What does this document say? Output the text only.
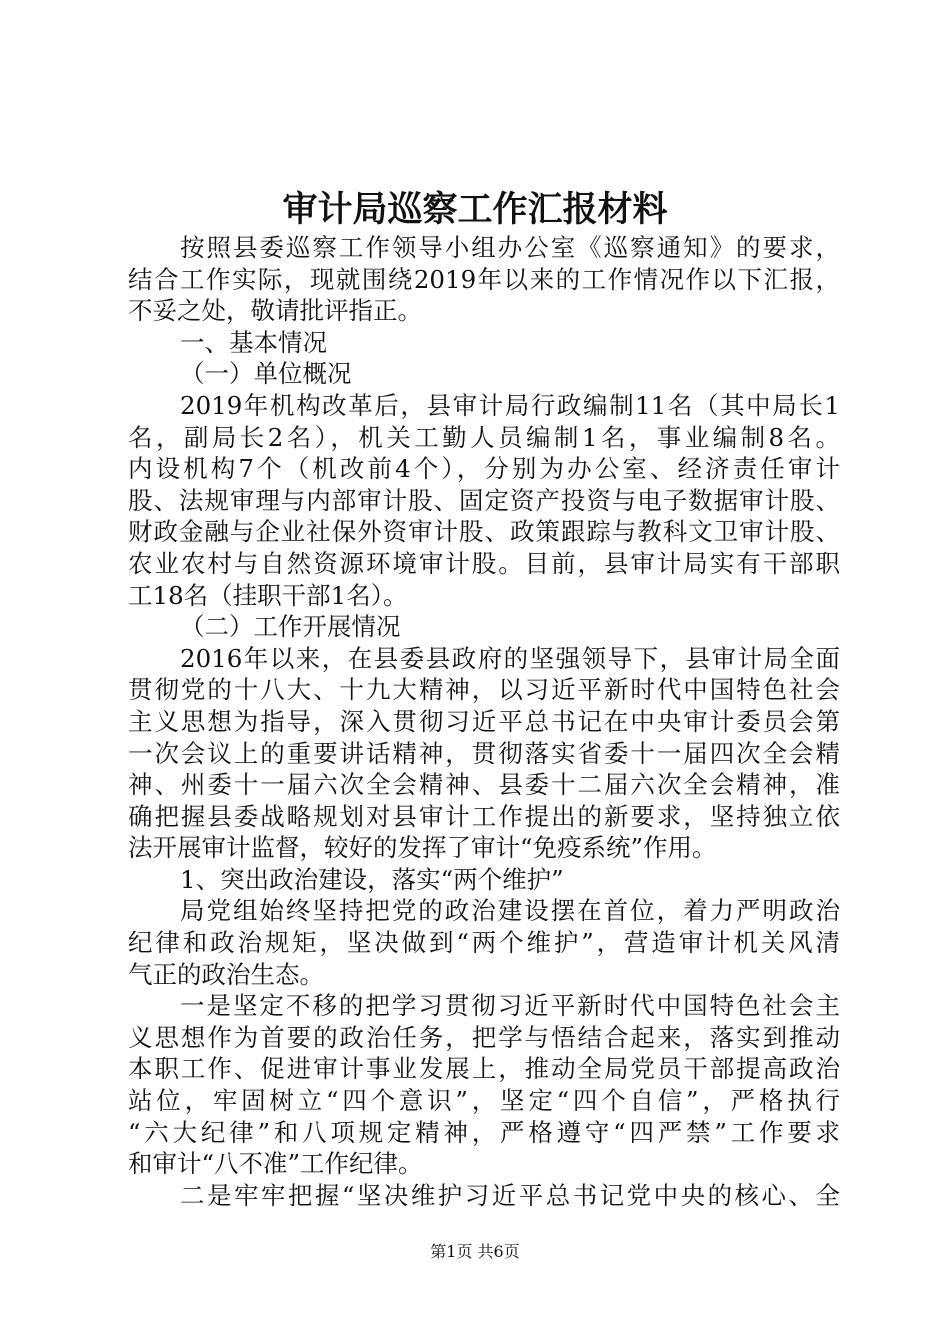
审计局巡察工作汇报材料
按照县委巡察工作领导小组办公室《巡察通知》的要求，
结合工作实际，现就围绕2019年以来的工作情况作以下汇报，
不妥之处，敬请批评指正。
一、基本情况
（一）单位概况
2019年机构改革后，县审计局行政编制11名（其中局长1
名，副局长2名），机关工勤人员编制1名，事业编制8名。
内设机构7个（机改前4个），分别为办公室、经济责任审计
股、法规审理与内部审计股、固定资产投资与电子数据审计股、
财政金融与企业社保外资审计股、政策跟踪与教科文卫审计股、
农业农村与自然资源环境审计股。目前，县审计局实有干部职
工18名（挂职干部1名）。
（二）工作开展情况
2016年以来，在县委县政府的坚强领导下，县审计局全面
贯彻党的十八大、十九大精神，以习近平新时代中国特色社会
主义思想为指导，深入贯彻习近平总书记在中央审计委员会第
一次会议上的重要讲话精神，贯彻落实省委十一届四次全会精
神、州委十一届六次全会精神、县委十二届六次全会精神，准
确把握县委战略规划对县审计工作提出的新要求，坚持独立依
法开展审计监督，较好的发挥了审计“免疫系统”作用。
1、突出政治建设，落实“两个维护”
局党组始终坚持把党的政治建设摆在首位，着力严明政治
纪律和政治规矩，坚决做到“两个维护”，营造审计机关风清
气正的政治生态。
一是坚定不移的把学习贯彻习近平新时代中国特色社会主
义思想作为首要的政治任务，把学与悟结合起来，落实到推动
本职工作、促进审计事业发展上，推动全局党员干部提高政治
站位，牢固树立“四个意识”，坚定“四个自信”，严格执行
“六大纪律”和八项规定精神，严格遵守“四严禁”工作要求
和审计“八不准”工作纪律。
二是牢牢把握“坚决维护习近平总书记党中央的核心、全
第1页 共6页
